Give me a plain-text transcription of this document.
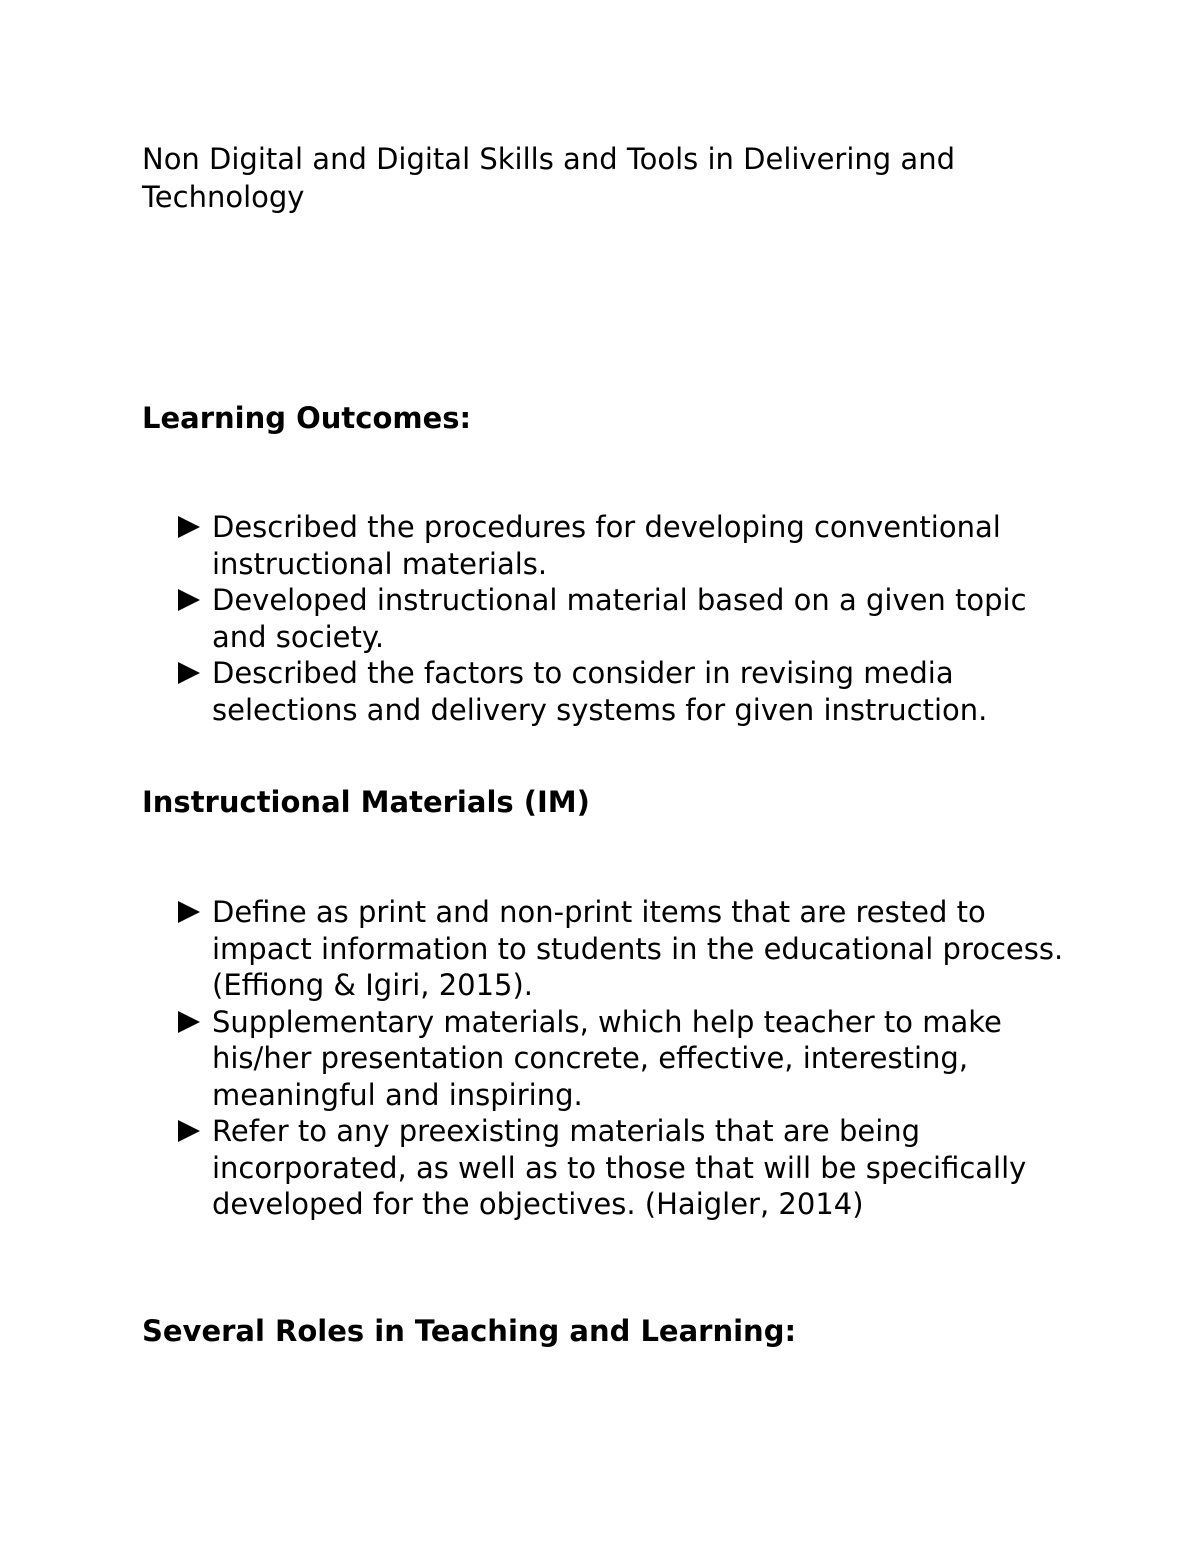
Non Digital and Digital Skills and Tools in Delivering and Technology
Learning Outcomes:
Described the procedures for developing conventional instructional materials.
Developed instructional material based on a given topic and society.
Described the factors to consider in revising media selections and delivery systems for given instruction.
Instructional Materials (IM)
Define as print and non-print items that are rested to impact information to students in the educational process. (Effiong & Igiri, 2015).
Supplementary materials, which help teacher to make his/her presentation concrete, effective, interesting, meaningful and inspiring.
Refer to any preexisting materials that are being incorporated, as well as to those that will be specifically developed for the objectives. (Haigler, 2014)
Several Roles in Teaching and Learning:
